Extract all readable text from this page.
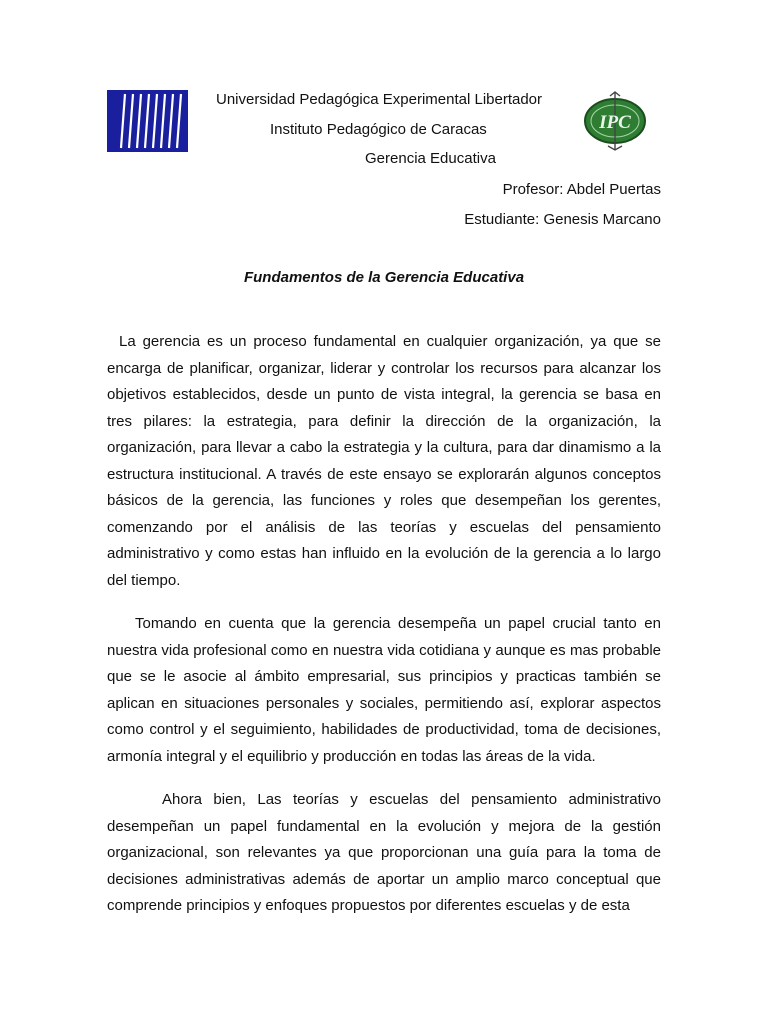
IPC
Universidad Pedagógica Experimental Libertador
Instituto Pedagógico de Caracas
Gerencia Educativa
Profesor: Abdel Puertas
Estudiante: Genesis Marcano
Fundamentos de la Gerencia Educativa

La gerencia es un proceso fundamental en cualquier organización, ya que se encarga de planificar, organizar, liderar y controlar los recursos para alcanzar los objetivos establecidos, desde un punto de vista integral, la gerencia se basa en tres pilares: la estrategia, para definir la dirección de la organización, la organización, para llevar a cabo la estrategia y la cultura, para dar dinamismo a la estructura institucional. A través de este ensayo se explorarán algunos conceptos básicos de la gerencia, las funciones y roles que desempeñan los gerentes, comenzando por el análisis de las teorías y escuelas del pensamiento administrativo y como estas han influido en la evolución de la gerencia a lo largo del tiempo.

Tomando en cuenta que la gerencia desempeña un papel crucial tanto en nuestra vida profesional como en nuestra vida cotidiana y aunque es mas probable que se le asocie al ámbito empresarial, sus principios y practicas también se aplican en situaciones personales y sociales, permitiendo así, explorar aspectos como control y el seguimiento, habilidades de productividad, toma de decisiones, armonía integral y el equilibrio y producción en todas las áreas de la vida.

Ahora bien, Las teorías y escuelas del pensamiento administrativo desempeñan un papel fundamental en la evolución y mejora de la gestión organizacional, son relevantes ya que proporcionan una guía para la toma de decisiones administrativas además de aportar un amplio marco conceptual que comprende principios y enfoques propuestos por diferentes escuelas y de esta
